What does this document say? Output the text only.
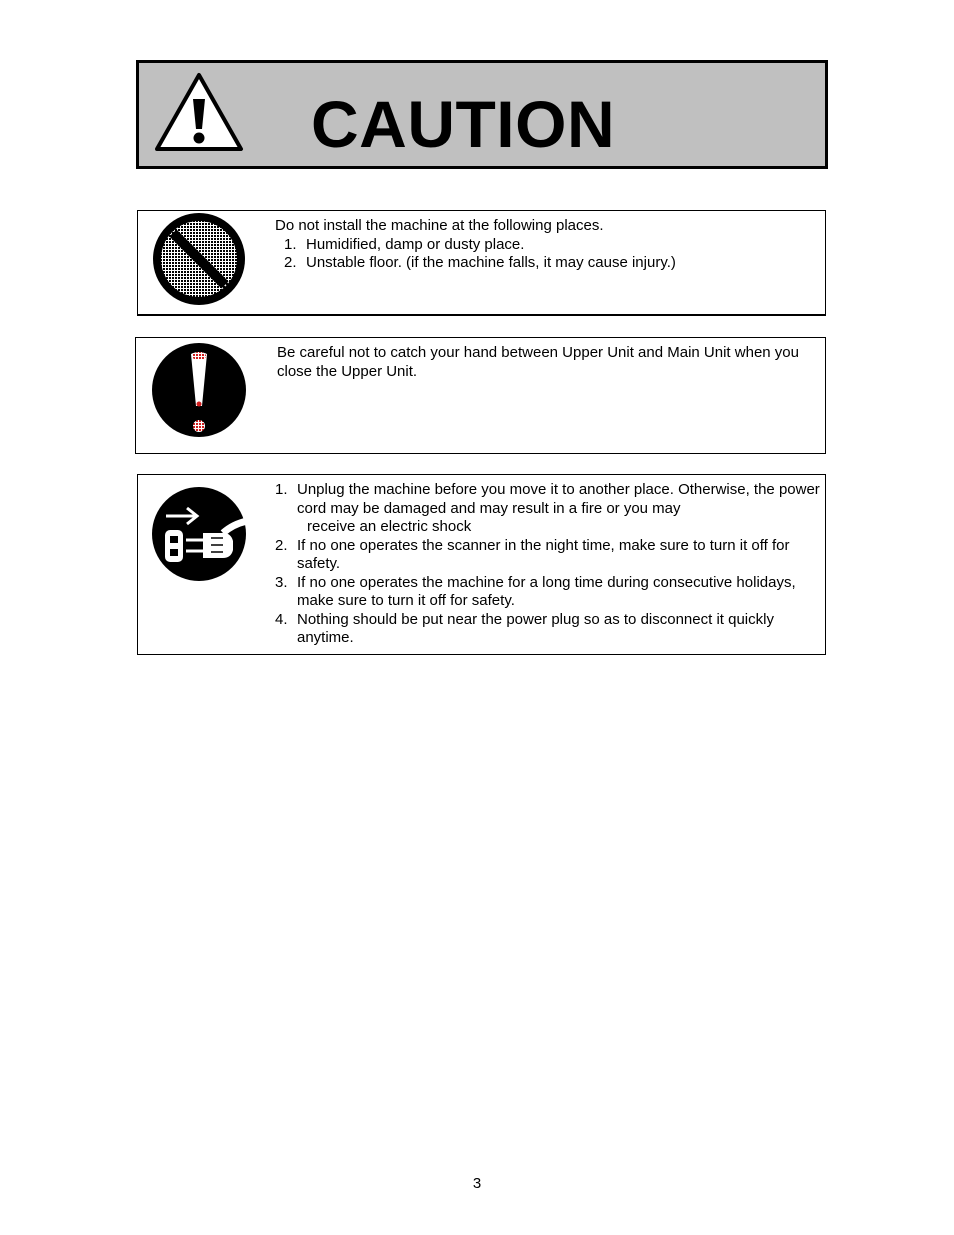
CAUTION
Do not install the machine at the following places.
1. Humidified, damp or dusty place.
2. Unstable floor. (if the machine falls, it may cause injury.)
Be careful not to catch your hand between Upper Unit and Main Unit when you close the Upper Unit.
1. Unplug the machine before you move it to another place. Otherwise, the power cord may be damaged and may result in a fire or you may
receive an electric shock
2. If no one operates the scanner in the night time, make sure to turn it off for safety.
3. If no one operates the machine for a long time during consecutive holidays, make sure to turn it off for safety.
4. Nothing should be put near the power plug so as to disconnect it quickly anytime.
3
